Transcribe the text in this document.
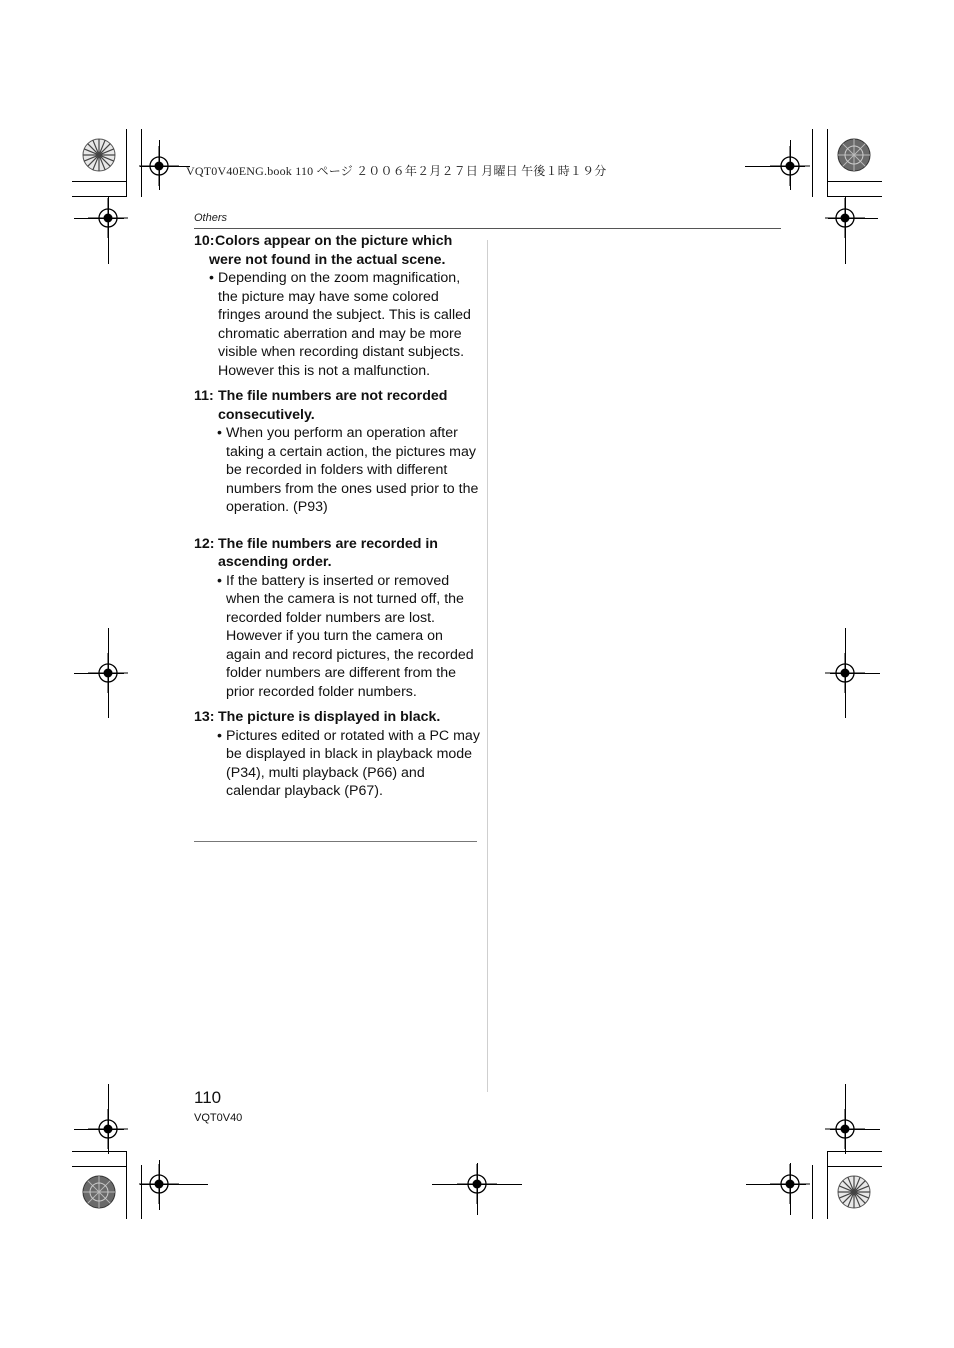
VQT0V40ENG.book 110 ページ ２００６年２月２７日 月曜日 午後１時１９分
Others
10: Colors appear on the picture which were not found in the actual scene.
• Depending on the zoom magnification, the picture may have some colored fringes around the subject. This is called chromatic aberration and may be more visible when recording distant subjects. However this is not a malfunction.
11: The file numbers are not recorded consecutively.
• When you perform an operation after taking a certain action, the pictures may be recorded in folders with different numbers from the ones used prior to the operation. (P93)
12: The file numbers are recorded in ascending order.
• If the battery is inserted or removed when the camera is not turned off, the recorded folder numbers are lost. However if you turn the camera on again and record pictures, the recorded folder numbers are different from the prior recorded folder numbers.
13: The picture is displayed in black.
• Pictures edited or rotated with a PC may be displayed in black in playback mode (P34), multi playback (P66) and calendar playback (P67).
110
VQT0V40
